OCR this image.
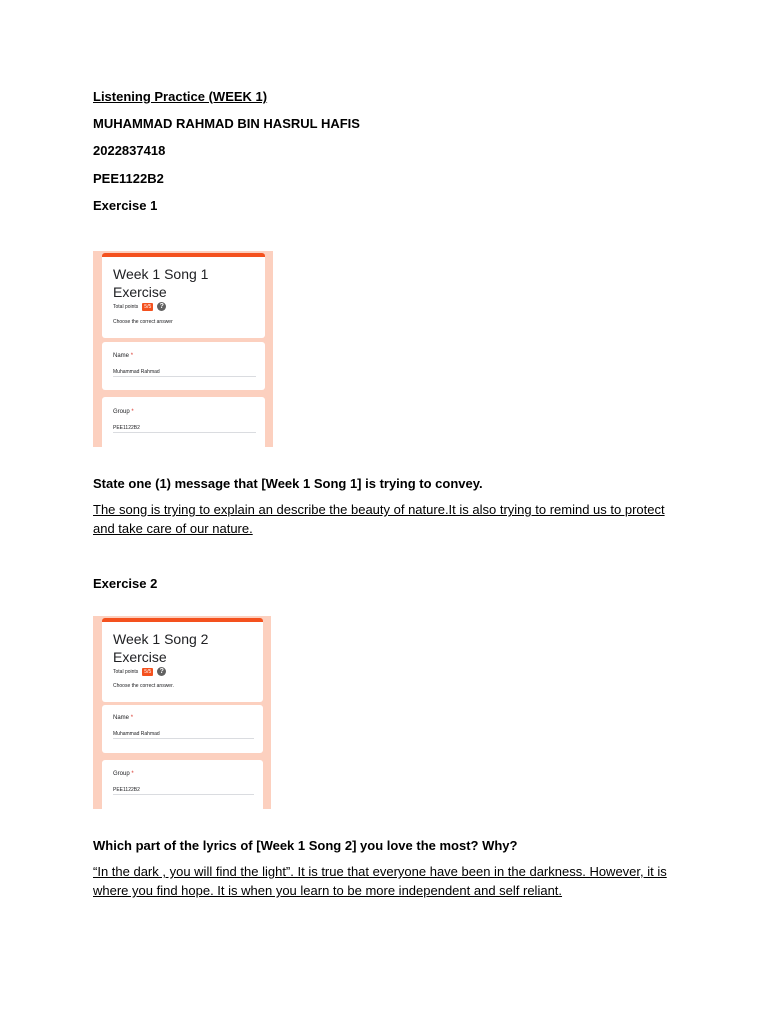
Listening Practice (WEEK 1)
MUHAMMAD RAHMAD BIN HASRUL HAFIS
2022837418
PEE1122B2
Exercise 1
Week 1 Song 1
Exercise
Total points	5/5	?
Choose the correct answer
Name *
Muhammad Rahmad
Group *
PEE1122B2
State one (1) message that [Week 1 Song 1] is trying to convey.
The song is trying to explain an describe the beauty of nature.It is also trying to remind us to protect and take care of our nature.
Exercise 2
Week 1 Song 2
Exercise
Total points	5/5	?
Choose the correct answer.
Name *
Muhammad Rahmad
Group *
PEE1122B2
Which part of the lyrics of [Week 1 Song 2] you love the most? Why?
“In the dark , you will find the light”. It is true that everyone have been in the darkness. However, it is where you find hope. It is when you learn to be more independent and self reliant.
